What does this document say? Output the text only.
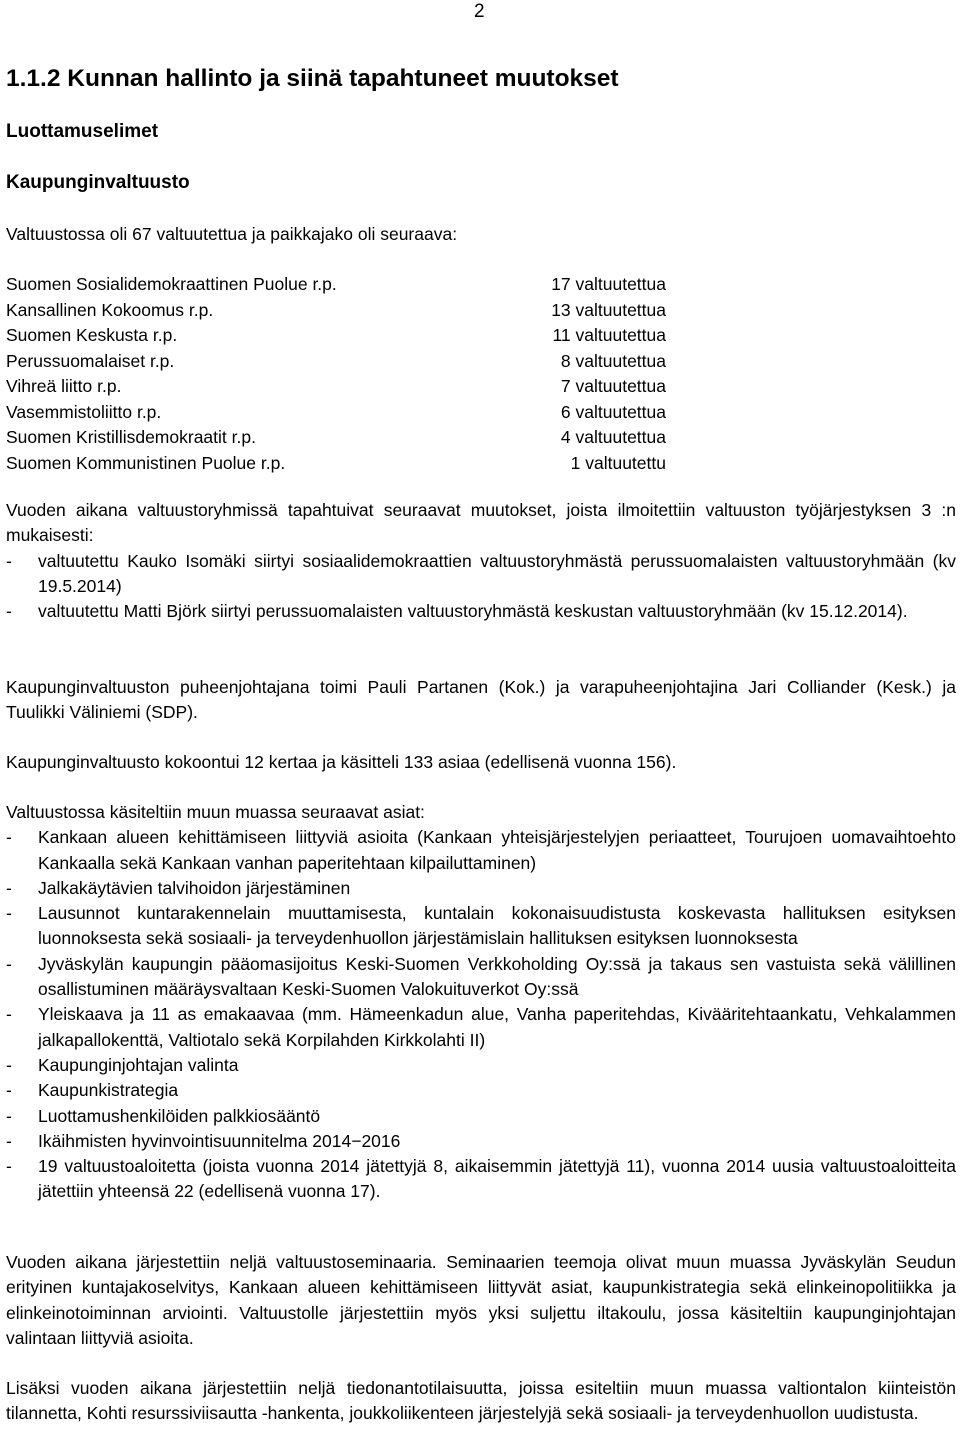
2
1.1.2 Kunnan hallinto ja siinä tapahtuneet muutokset
Luottamuselimet
Kaupunginvaltuusto
Valtuustossa oli 67 valtuutettua ja paikkajako oli seuraava:
Suomen Sosialidemokraattinen Puolue r.p.	17 valtuutettua
Kansallinen Kokoomus r.p.	13 valtuutettua
Suomen Keskusta r.p.	11 valtuutettua
Perussuomalaiset r.p.	8 valtuutettua
Vihreä liitto r.p.	7 valtuutettua
Vasemmistoliitto r.p.	6 valtuutettua
Suomen Kristillisdemokraatit r.p.	4 valtuutettua
Suomen Kommunistinen Puolue r.p.	1 valtuutettu
Vuoden aikana valtuustoryhmissä tapahtuivat seuraavat muutokset, joista ilmoitettiin valtuuston työjärjestyksen 3 :n mukaisesti:
- valtuutettu Kauko Isomäki siirtyi sosiaalidemokraattien valtuustoryhmästä perussuomalaisten valtuustoryhmään (kv 19.5.2014)
- valtuutettu Matti Björk siirtyi perussuomalaisten valtuustoryhmästä keskustan valtuustoryhmään (kv 15.12.2014).
Kaupunginvaltuuston puheenjohtajana toimi Pauli Partanen (Kok.) ja varapuheenjohtajina Jari Colliander (Kesk.) ja Tuulikki Väliniemi (SDP).
Kaupunginvaltuusto kokoontui 12 kertaa ja käsitteli 133 asiaa (edellisenä vuonna 156).
Valtuustossa käsiteltiin muun muassa seuraavat asiat:
- Kankaan alueen kehittämiseen liittyviä asioita (Kankaan yhteisjärjestelyjen periaatteet, Tourujoen uomavaihtoehto Kankaalla sekä Kankaan vanhan paperitehtaan kilpailuttaminen)
- Jalkakäytävien talvihoidon järjestäminen
- Lausunnot kuntarakennelain muuttamisesta, kuntalain kokonaisuudistusta koskevasta hallituksen esityksen luonnoksesta sekä sosiaali- ja terveydenhuollon järjestämislain hallituksen esityksen luonnoksesta
- Jyväskylän kaupungin pääomasijoitus Keski-Suomen Verkkoholding Oy:ssä ja takaus sen vastuista sekä välillinen osallistuminen määräysvaltaan Keski-Suomen Valokuituverkot Oy:ssä
- Yleiskaava ja 11 as emakaavaa (mm. Hämeenkadun alue, Vanha paperitehdas, Kivääritehtaankatu, Vehkalammen jalkapallokenttä, Valtiotalo sekä Korpilahden Kirkkolahti II)
- Kaupunginjohtajan valinta
- Kaupunkistrategia
- Luottamushenkilöiden palkkiosääntö
- Ikäihmisten hyvinvointisuunnitelma 2014−2016
- 19 valtuustoaloitetta (joista vuonna 2014 jätettyjä 8, aikaisemmin jätettyjä 11), vuonna 2014 uusia valtuustoaloitteita jätettiin yhteensä 22 (edellisenä vuonna 17).
Vuoden aikana järjestettiin neljä valtuustoseminaaria. Seminaarien teemoja olivat muun muassa Jyväskylän Seudun erityinen kuntajakoselvitys, Kankaan alueen kehittämiseen liittyvät asiat, kaupunkistrategia sekä elinkeinopolitiikka ja elinkeinotoiminnan arviointi. Valtuustolle järjestettiin myös yksi suljettu iltakoulu, jossa käsiteltiin kaupunginjohtajan valintaan liittyviä asioita.
Lisäksi vuoden aikana järjestettiin neljä tiedonantotilaisuutta, joissa esiteltiin muun muassa valtiontalon kiinteistön tilannetta, Kohti resurssiviisautta -hankenta, joukkoliikenteen järjestelyjä sekä sosiaali- ja terveydenhuollon uudistusta.
